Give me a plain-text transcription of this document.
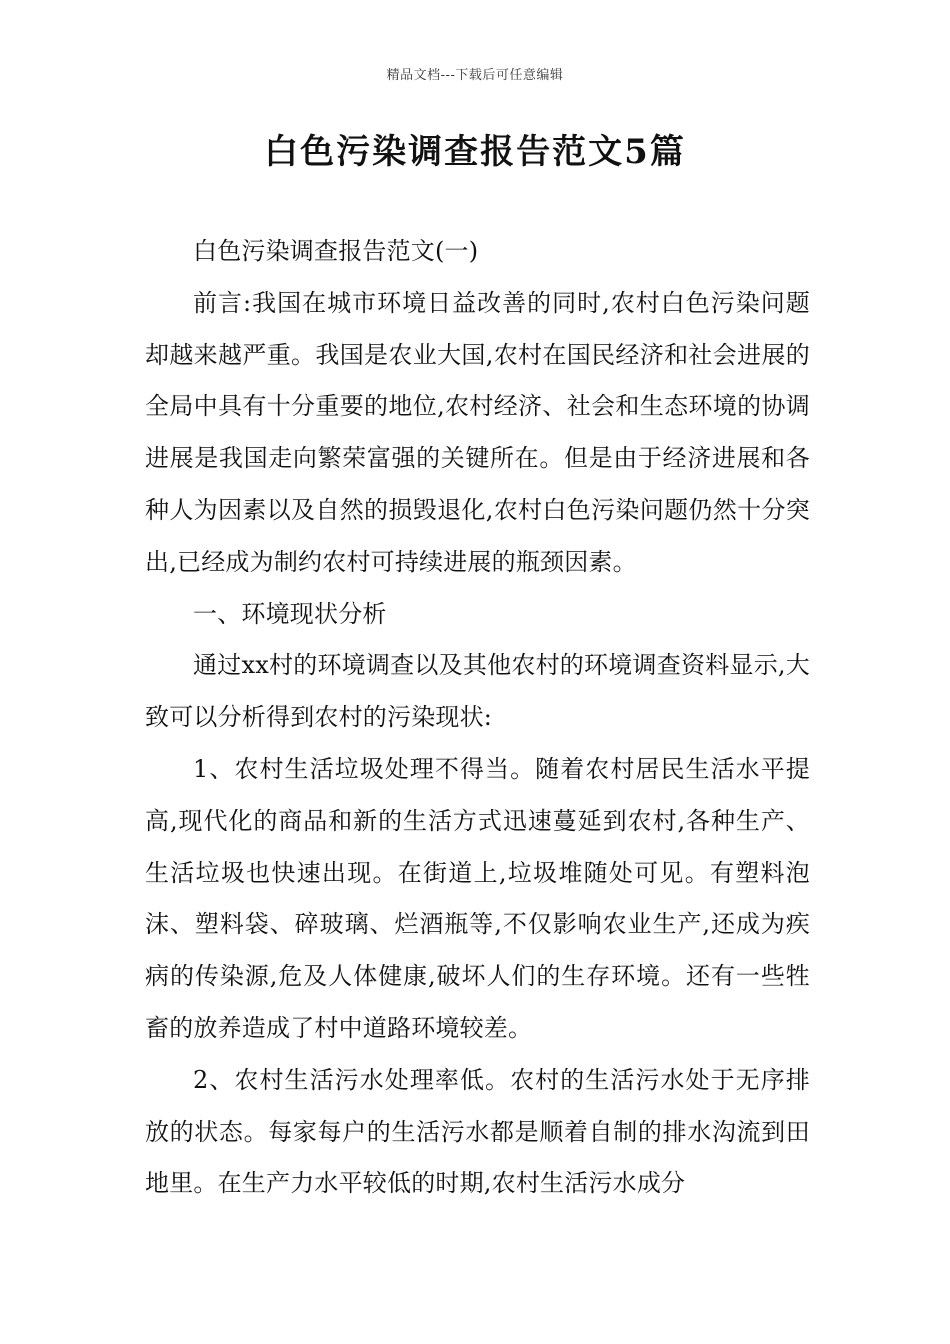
精品文档---下载后可任意编辑
白色污染调查报告范文5篇

白色污染调查报告范文(一)

前言:我国在城市环境日益改善的同时,农村白色污染问题却越来越严重。我国是农业大国,农村在国民经济和社会进展的全局中具有十分重要的地位,农村经济、社会和生态环境的协调进展是我国走向繁荣富强的关键所在。但是由于经济进展和各种人为因素以及自然的损毁退化,农村白色污染问题仍然十分突出,已经成为制约农村可持续进展的瓶颈因素。

一、环境现状分析

通过xx村的环境调查以及其他农村的环境调查资料显示,大致可以分析得到农村的污染现状:

1、农村生活垃圾处理不得当。随着农村居民生活水平提高,现代化的商品和新的生活方式迅速蔓延到农村,各种生产、生活垃圾也快速出现。在街道上,垃圾堆随处可见。有塑料泡沫、塑料袋、碎玻璃、烂酒瓶等,不仅影响农业生产,还成为疾病的传染源,危及人体健康,破坏人们的生存环境。还有一些牲畜的放养造成了村中道路环境较差。

2、农村生活污水处理率低。农村的生活污水处于无序排放的状态。每家每户的生活污水都是顺着自制的排水沟流到田地里。在生产力水平较低的时期,农村生活污水成分
